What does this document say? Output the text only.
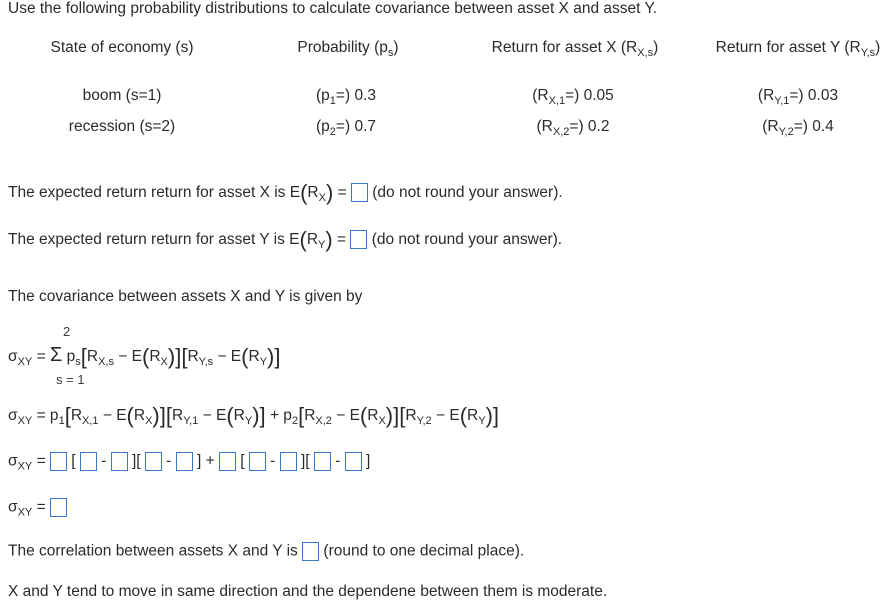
Use the following probability distributions to calculate covariance between asset X and asset Y.
State of economy (s)	Probability $(p_s)$	Return for asset X $(R_{X,s})$	Return for asset Y $(R_{Y,s})$
boom (s=1)	$(p_1=)$ 0.3	$(R_{X,1}=)$ 0.05	$(R_{Y,1}=)$ 0.03
recession (s=2)	$(p_2=)$ 0.7	$(R_{X,2}=)$ 0.2	$(R_{Y,2}=)$ 0.4
The expected return return for asset X is $E(R_X) = (do$ not round your answer).
The expected return return for asset Y is $E(R_Y) = (do$ not round your answer).
The covariance between assets X and Y is given by
2
$\sigma_{XY} = \Sigma$ $p_s[R_{X,s} - E(R_X)][R_{Y,s} - E(R_Y)]$
s = 1
$\sigma_{XY} = p_1[R_{X,1} - E(R_X)][R_{Y,1} - E(R_Y)] + p_2[R_{X,2} - E(R_X)][R_{Y,2} - E(R_Y)]$
$\sigma_{XY}$ =  [  -  ][  -  ] +  [  -  ][  -  ]
$\sigma_{XY}$ =
The correlation between assets X and Y is (round to one decimal place).
X and Y tend to move in same direction and the dependene between them is moderate.
